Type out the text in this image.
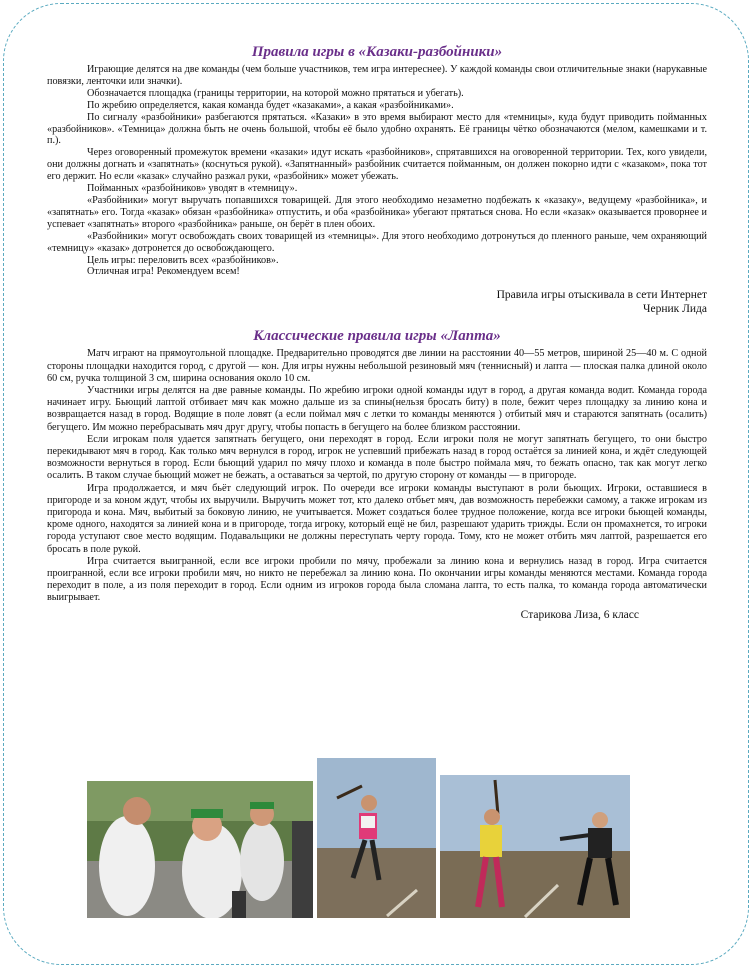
Правила игры в «Казаки-разбойники»

Играющие делятся на две команды (чем больше участников, тем игра интереснее). У каждой команды свои отличительные знаки (нарукавные повязки, ленточки или значки).

Обозначается площадка (границы территории, на которой можно прятаться и убегать).

По жребию определяется, какая команда будет «казаками», а какая «разбойниками».

По сигналу «разбойники» разбегаются прятаться. «Казаки» в это время выбирают место для «темницы», куда будут приводить пойманных «разбойников». «Темница» должна быть не очень большой, чтобы её было удобно охранять. Её границы чётко обозначаются (мелом, камешками и т. п.).

Через оговоренный промежуток времени «казаки» идут искать «разбойников», спрятавшихся на оговоренной территории. Тех, кого увидели, они должны догнать и «запятнать» (коснуться рукой). «Запятнанный» разбойник считается пойманным, он должен покорно идти с «казаком», пока тот его держит. Но если «казак» случайно разжал руки, «разбойник» может убежать.

Пойманных «разбойников» уводят в «темницу».

«Разбойники» могут выручать попавшихся товарищей. Для этого необходимо незаметно подбежать к «казаку», ведущему «разбойника», и «запятнать» его. Тогда «казак» обязан «разбойника» отпустить, и оба «разбойника» убегают прятаться снова. Но если «казак» оказывается проворнее и успевает «запятнать» второго «разбойника» раньше, он берёт в плен обоих.

«Разбойники» могут освобождать своих товарищей из «темницы». Для этого необходимо дотронуться до пленного раньше, чем охраняющий «темницу» «казак» дотронется до освобождающего.

Цель игры: переловить всех «разбойников».

Отличная игра! Рекомендуем всем!

Правила игры отыскивала в сети Интернет

Черник Лида

Классические правила игры «Лапта»

Матч играют на прямоугольной площадке. Предварительно проводятся две линии на расстоянии 40—55 метров, шириной 25—40 м. С одной стороны площадки находится город, с другой — кон. Для игры нужны небольшой резиновый мяч (теннисный) и лапта — плоская палка длиной около 60 см, ручка толщиной 3 см, ширина основания около 10 см.

Участники игры делятся на две равные команды. По жребию игроки одной команды идут в город, а другая команда водит. Команда города начинает игру. Бьющий лаптой отбивает мяч как можно дальше из за спины(нельзя бросать биту) в поле, бежит через площадку за линию кона и возвращается назад в город. Водящие в поле ловят (а если поймал мяч с летки то команды меняются ) отбитый мяч и стараются запятнать (осалить) бегущего. Им можно перебрасывать мяч друг другу, чтобы попасть в бегущего на более близком расстоянии.

Если игрокам поля удается запятнать бегущего, они переходят в город. Если игроки поля не могут запятнать бегущего, то они быстро перекидывают мяч в город. Как только мяч вернулся в город, игрок не успевший прибежать назад в город остаётся за линией кона, и ждёт следующей возможности вернуться в город. Если бьющий ударил по мячу плохо и команда в поле быстро поймала мяч, то бежать опасно, так как могут легко осалить. В таком случае бьющий может не бежать, а оставаться за чертой, по другую сторону от команды — в пригороде.

Игра продолжается, и мяч бьёт следующий игрок. По очереди все игроки команды выступают в роли бьющих. Игроки, оставшиеся в пригороде и за коном ждут, чтобы их выручили. Выручить может тот, кто далеко отбьет мяч, дав возможность перебежки самому, а также игрокам из пригорода и кона. Мяч, выбитый за боковую линию, не учитывается. Может создаться более трудное положение, когда все игроки бьющей команды, кроме одного, находятся за линией кона и в пригороде, тогда игроку, который ещё не бил, разрешают ударить трижды. Если он промахнется, то игроки города уступают свое место водящим. Подавальщики не должны переступать черту города. Тому, кто не может отбить мяч лаптой, разрешается его бросать в поле рукой.

Игра считается выигранной, если все игроки пробили по мячу, пробежали за линию кона и вернулись назад в город. Игра считается проигранной, если все игроки пробили мяч, но никто не перебежал за линию кона. По окончании игры команды меняются местами. Команда города переходит в поле, а из поля переходит в город. Если одним из игроков города была сломана лапта, то есть палка, то команда города автоматически выигрывает.

Старикова Лиза, 6 класс
